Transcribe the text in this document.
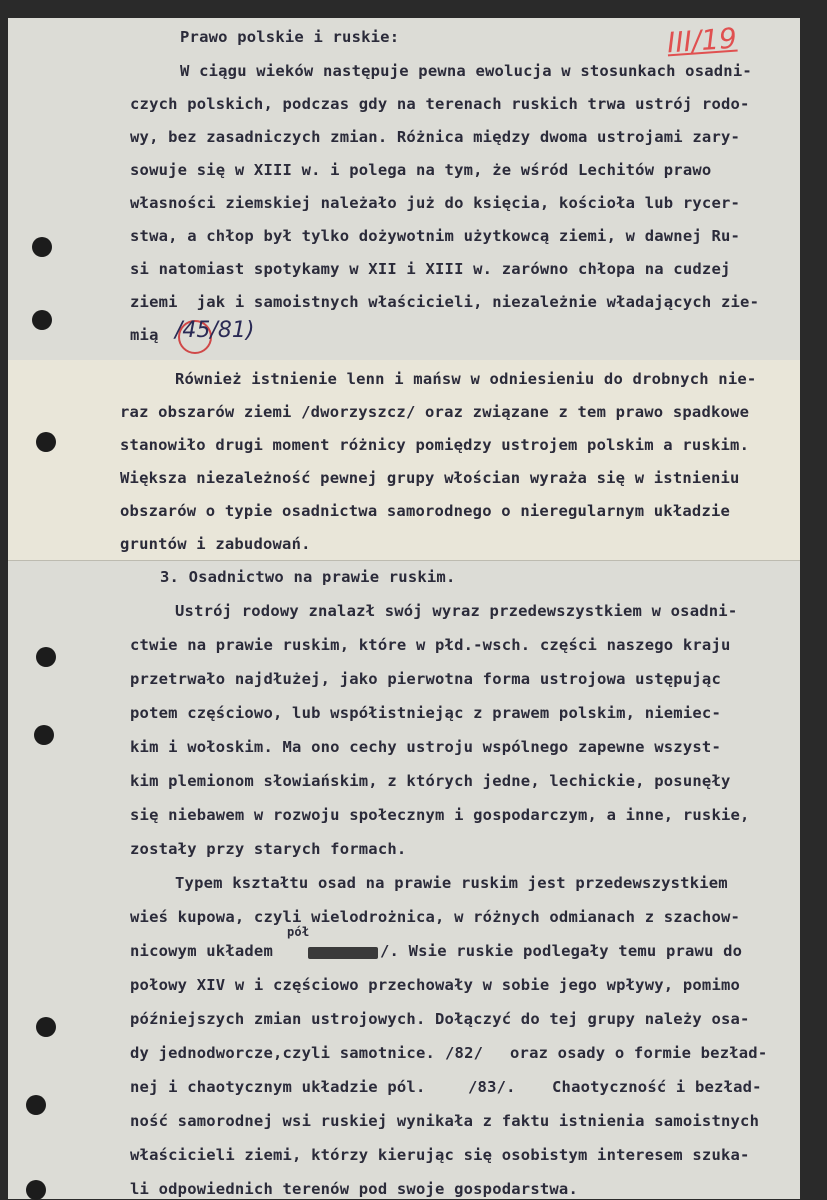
III/19
Prawo polskie i ruskie:
W ciągu wieków następuje pewna ewolucja w stosunkach osadni-
czych polskich, podczas gdy na terenach ruskich trwa ustrój rodo-
wy, bez zasadniczych zmian. Różnica między dwoma ustrojami zary-
sowuje się w XIII w. i polega na tym, że wśród Lechitów prawo
własności ziemskiej należało już do księcia, kościoła lub rycer-
stwa, a chłop był tylko dożywotnim użytkowcą ziemi, w dawnej Ru-
si natomiast spotykamy w XII i XIII w. zarówno chłopa na cudzej
ziemi  jak i samoistnych właścicieli, niezależnie władających zie-
mią /45/81)
Również istnienie lenn i mańsw w odniesieniu do drobnych nie-
raz obszarów ziemi /dworzyszcz/ oraz związane z tem prawo spadkowe
stanowiło drugi moment różnicy pomiędzy ustrojem polskim a ruskim.
Większa niezależność pewnej grupy włościan wyraża się w istnieniu
obszarów o typie osadnictwa samorodnego o nieregularnym układzie
gruntów i zabudowań.
3. Osadnictwo na prawie ruskim.
Ustrój rodowy znalazł swój wyraz przedewszystkiem w osadni-
ctwie na prawie ruskim, które w płd.-wsch. części naszego kraju
przetrwało najdłużej, jako pierwotna forma ustrojowa ustępując
potem częściowo, lub współistniejąc z prawem polskim, niemiec-
kim i wołoskim. Ma ono cechy ustroju wspólnego zapewne wszyst-
kim plemionom słowiańskim, z których jedne, lechickie, posunęły
się niebawem w rozwoju społecznym i gospodarczym, a inne, ruskie,
zostały przy starych formach.
Typem kształtu osad na prawie ruskim jest przedewszystkiem
wieś kupowa, czyli wielodrożnica, w różnych odmianach z szachow-
nicowym układem
pół
/. Wsie ruskie podlegały temu prawu do
połowy XIV w i częściowo przechowały w sobie jego wpływy, pomimo
późniejszych zmian ustrojowych. Dołączyć do tej grupy należy osa-
dy jednodworcze,czyli samotnice. /82/ oraz osady o formie bezład-
nej i chaotycznym układzie pól.	/83/. Chaotyczność i bezład-
ność samorodnej wsi ruskiej wynikała z faktu istnienia samoistnych
właścicieli ziemi, którzy kierując się osobistym interesem szuka-
li odpowiednich terenów pod swoje gospodarstwa.
